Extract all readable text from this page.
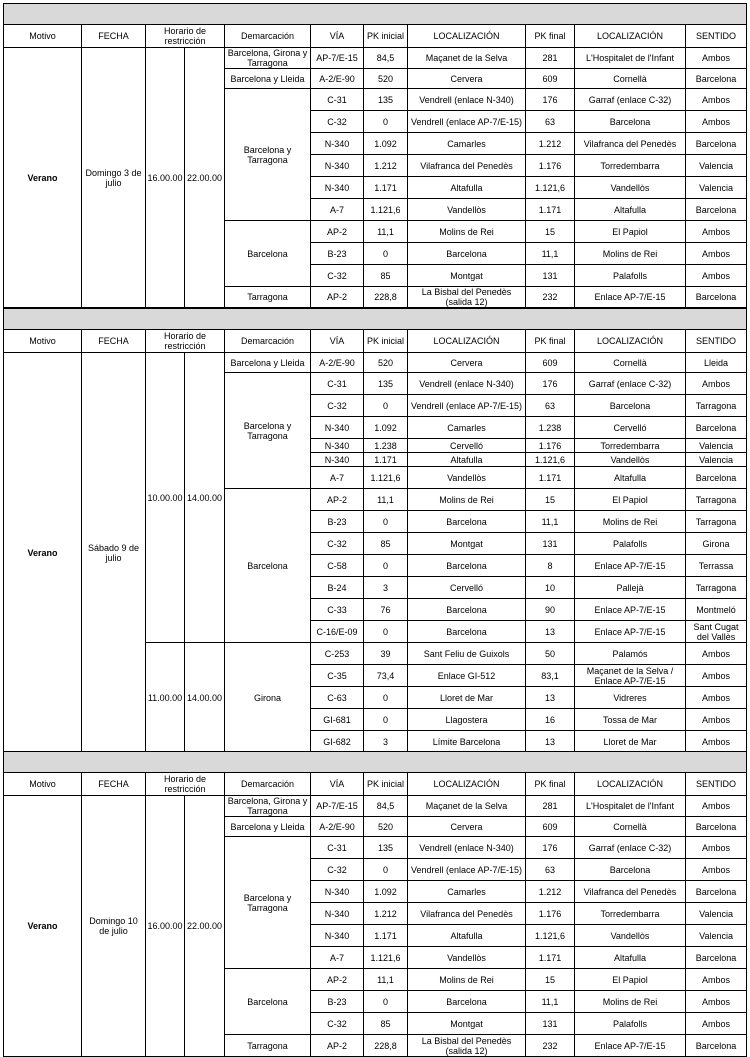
Motivo	FECHA	Horario de restricción		Demarcación	VÍA	PK inicial	LOCALIZACIÓN	PK final	LOCALIZACIÓN	SENTIDO
Verano	Domingo 3 de julio	16.00.00	22.00.00	Barcelona, Girona y Tarragona	AP-7/E-15	84,5	Maçanet de la Selva	281	L'Hospitalet de l'Infant	Ambos
				Barcelona y Lleida	A-2/E-90	520	Cervera	609	Cornellà	Barcelona
				Barcelona y Tarragona	C-31	135	Vendrell (enlace N-340)	176	Garraf (enlace C-32)	Ambos
					C-32	0	Vendrell (enlace AP-7/E-15)	63	Barcelona	Ambos
					N-340	1.092	Camarles	1.212	Vilafranca del Penedès	Barcelona
					N-340	1.212	Vilafranca del Penedès	1.176	Torredembarra	Valencia
					N-340	1.171	Altafulla	1.121,6	Vandellòs	Valencia
					A-7	1.121,6	Vandellòs	1.171	Altafulla	Barcelona
				Barcelona	AP-2	11,1	Molins de Rei	15	El Papiol	Ambos
					B-23	0	Barcelona	11,1	Molins de Rei	Ambos
					C-32	85	Montgat	131	Palafolls	Ambos
				Tarragona	AP-2	228,8	La Bisbal del Penedès (salida 12)	232	Enlace AP-7/E-15	Barcelona

Motivo	FECHA	Horario de restricción		Demarcación	VÍA	PK inicial	LOCALIZACIÓN	PK final	LOCALIZACIÓN	SENTIDO
Verano	Sábado 9 de julio	10.00.00	14.00.00	Barcelona y Lleida	A-2/E-90	520	Cervera	609	Cornellà	Lleida
				Barcelona y Tarragona	C-31	135	Vendrell (enlace N-340)	176	Garraf (enlace C-32)	Ambos
					C-32	0	Vendrell (enlace AP-7/E-15)	63	Barcelona	Tarragona
					N-340	1.092	Camarles	1.238	Cervelló	Barcelona
					N-340	1.238	Cervelló	1.176	Torredembarra	Valencia
					N-340	1.171	Altafulla	1.121,6	Vandellòs	Valencia
					A-7	1.121,6	Vandellòs	1.171	Altafulla	Barcelona
				Barcelona	AP-2	11,1	Molins de Rei	15	El Papiol	Tarragona
					B-23	0	Barcelona	11,1	Molins de Rei	Tarragona
					C-32	85	Montgat	131	Palafolls	Girona
					C-58	0	Barcelona	8	Enlace AP-7/E-15	Terrassa
					B-24	3	Cervelló	10	Pallejà	Tarragona
					C-33	76	Barcelona	90	Enlace AP-7/E-15	Montmeló
					C-16/E-09	0	Barcelona	13	Enlace AP-7/E-15	Sant Cugat del Vallès
		11.00.00	14.00.00	Girona	C-253	39	Sant Feliu de Guixols	50	Palamós	Ambos
					C-35	73,4	Enlace GI-512	83,1	Maçanet de la Selva / Enlace AP-7/E-15	Ambos
					C-63	0	Lloret de Mar	13	Vidreres	Ambos
					GI-681	0	Llagostera	16	Tossa de Mar	Ambos
					GI-682	3	Límite Barcelona	13	Lloret de Mar	Ambos

Motivo	FECHA	Horario de restricción		Demarcación	VÍA	PK inicial	LOCALIZACIÓN	PK final	LOCALIZACIÓN	SENTIDO
Verano	Domingo 10 de julio	16.00.00	22.00.00	Barcelona, Girona y Tarragona	AP-7/E-15	84,5	Maçanet de la Selva	281	L'Hospitalet de l'Infant	Ambos
				Barcelona y Lleida	A-2/E-90	520	Cervera	609	Cornellà	Barcelona
				Barcelona y Tarragona	C-31	135	Vendrell (enlace N-340)	176	Garraf (enlace C-32)	Ambos
					C-32	0	Vendrell (enlace AP-7/E-15)	63	Barcelona	Ambos
					N-340	1.092	Camarles	1.212	Vilafranca del Penedès	Barcelona
					N-340	1.212	Vilafranca del Penedès	1.176	Torredembarra	Valencia
					N-340	1.171	Altafulla	1.121,6	Vandellòs	Valencia
					A-7	1.121,6	Vandellòs	1.171	Altafulla	Barcelona
				Barcelona	AP-2	11,1	Molins de Rei	15	El Papiol	Ambos
					B-23	0	Barcelona	11,1	Molins de Rei	Ambos
					C-32	85	Montgat	131	Palafolls	Ambos
				Tarragona	AP-2	228,8	La Bisbal del Penedès (salida 12)	232	Enlace AP-7/E-15	Barcelona
